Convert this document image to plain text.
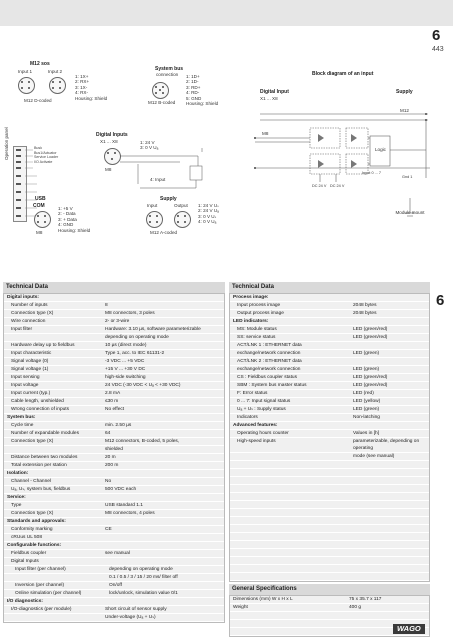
6
443
6
M12 sos
Input 1	Input 2
M12 D-coded
1: 1X+
2: RX+
3: 1X-
4: RX-
Housing: Shield
System bus
connection
M12 B-coded
1: 1D+
2: 1D-
3: RD+
4: RD-
5: GND
Housing: Shield
Operation panel	Busk
Bus1/Actuator
Service Loader
I/O Activate
Digital Inputs
X1 ... X8
M8
1: 24 V
3: 0 V Uₐ
4: Input
USB
COM
M8
1: +5 V
2: - Data
3: + Data
4: GND
Housing: Shield
Supply
Input	Output
M12 A-coded
1: 24 V Uₛ
2: 24 V Uₐ
3: 0 V Uₛ
4: 0 V Uₐ
Block diagram of an input
Digital Input
X1 ... X8
Supply
M12
M8
Logic
Input 0 ... 7
Gnd 1
DC 24 V DC 24 V
Module mount
Technical Data
Digital inputs:
Number of inputs	8
Connection type (X)	M8 connectors, 3 poles
Wire connection	2- or 3-wire
Input filter	Hardware: 3.10 µs, software parameterizable
depending on operating mode
Hardware delay up to fieldbus	10 µs (direct mode)
Input characteristic	Type 1, acc. to IEC 61131-2
Signal voltage (0)	-3 VDC ... +5 VDC
Signal voltage (1)	+15 V ... +30 V DC
Input sensing	high-side switching
Input voltage	24 VDC (-30 VDC < Uₐ < +30 VDC)
Input current (typ.)	2.8 mA
Cable length, unshielded	≤30 m
Wrong connection of inputs	No effect
System bus:
Cycle time	min. 2.50 µs
Number of expandable modules	64
Connection type (X)	M12 connectors, B-coded, 5 poles,
shielded
Distance between two modules	20 m
Total extension per station	200 m
Isolation:
Channel - Channel	No
Uₐ, Uₛ, system bus, fieldbus	500 VDC each
Service:
Type	USB standard 1.1
Connection type (X)	M8 connectors, 4 poles
Standards and approvals:
Conformity marking	CE
cRUus UL 508
Configurable functions:
Fieldbus coupler	see manual
Digital Inputs
Input filter (per channel)	depending on operating mode
0.1 / 0.5 / 3 / 15 / 20 ms/ filter off
Inversion (per channel)	On/off
Online simulation (per channel)	lock/unlock, simulation value 0/1
I/O diagnostics:
I/O-diagnostics (per module)	Short circuit of sensor supply
Under-voltage (Uₐ + Uₛ)
Technical Data
Process image:
Input process image	2048 bytes
Output process image	2048 bytes
LED indicators:
MS: Module status	LED (green/red)
SS: service status	LED (green/red)
ACT/LNK 1 : ETHERNET data
exchange/network connection	LED (green)
ACT/LNK 2 : ETHERNET data
exchange/network connection	LED (green)
CS : Fieldbus coupler status	LED (green/red)
SBM : System bus master status	LED (green/red)
F: Error status	LED (red)
0 ... 7: Input signal status	LED (yellow)
Uₐ + Uₛ : Supply status	LED (green)
Indicators	Non-latching
Advanced features:
Operating hours counter	Values in [h]
High-speed inputs	parameterizable, depending on operating
mode (see manual)
General Specifications
Dimensions (mm) W x H x L	75 x 35.7 x 117
Weight	400 g
WAGO
